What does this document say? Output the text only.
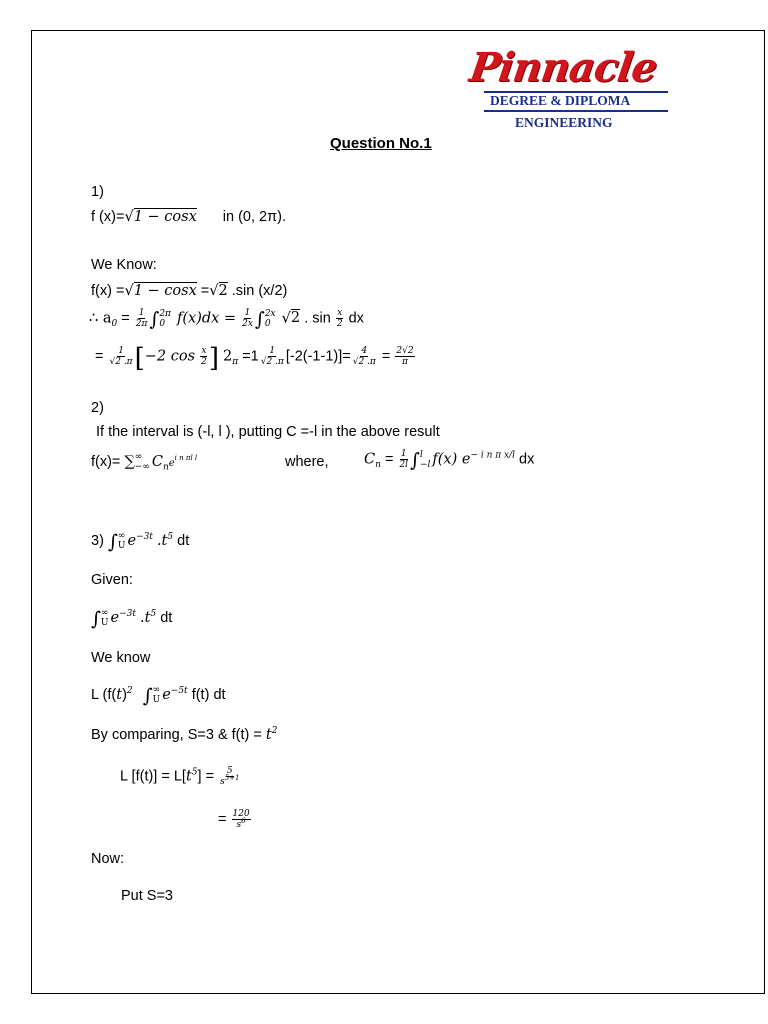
Pinnacle
DEGREE & DIPLOMA
ENGINEERING
Question No.1
1)
f (x)=√1 − cosx in (0, 2π).
We Know:
f(x) =√1 − cosx =√2 .sin (x/2)
∴ $a_0 = \frac{1}{2\pi}$ ∫ 2π
0 $f(x)dx = \frac{1}{2x}$ ∫ 2x
0 √2 . $\sin \frac{x}{2}$ dx
= $\frac{1}{√2 .\pi} [-2$ $\cos \frac{x}{2}$ ] $2_\pi =1 \frac{1}{√2 .\pi} [-2(-1-1)]= \frac{4}{√2 .\pi} = \frac{2√2}{\pi}$
2)
If the interval is (-l, l ), putting C =-l in the above result
f(x)= ∑ ∞
−∞ $C_ne^{i n \pi l l}$	where, $C_n = \frac{1}{2l}$ ∫ l
−l f(x) $e^{- i n \pi x/l}$ dx
3) ∫ ∞
U $e^{-3t}$ $.t^5$ dt
Given:
∫ ∞
U $e^{-3t}$ $.t^5$ dt
We know
L ($f(t)^2$ ∫ ∞
U $e^{-5t}$ f(t) dt
By comparing, S=3 & $f(t) = t^2$
L $[f(t)] = L[t^5] = \frac{5}{s^{5+1}}$
= $\frac{120}{s^6}$
Now:
Put S=3
